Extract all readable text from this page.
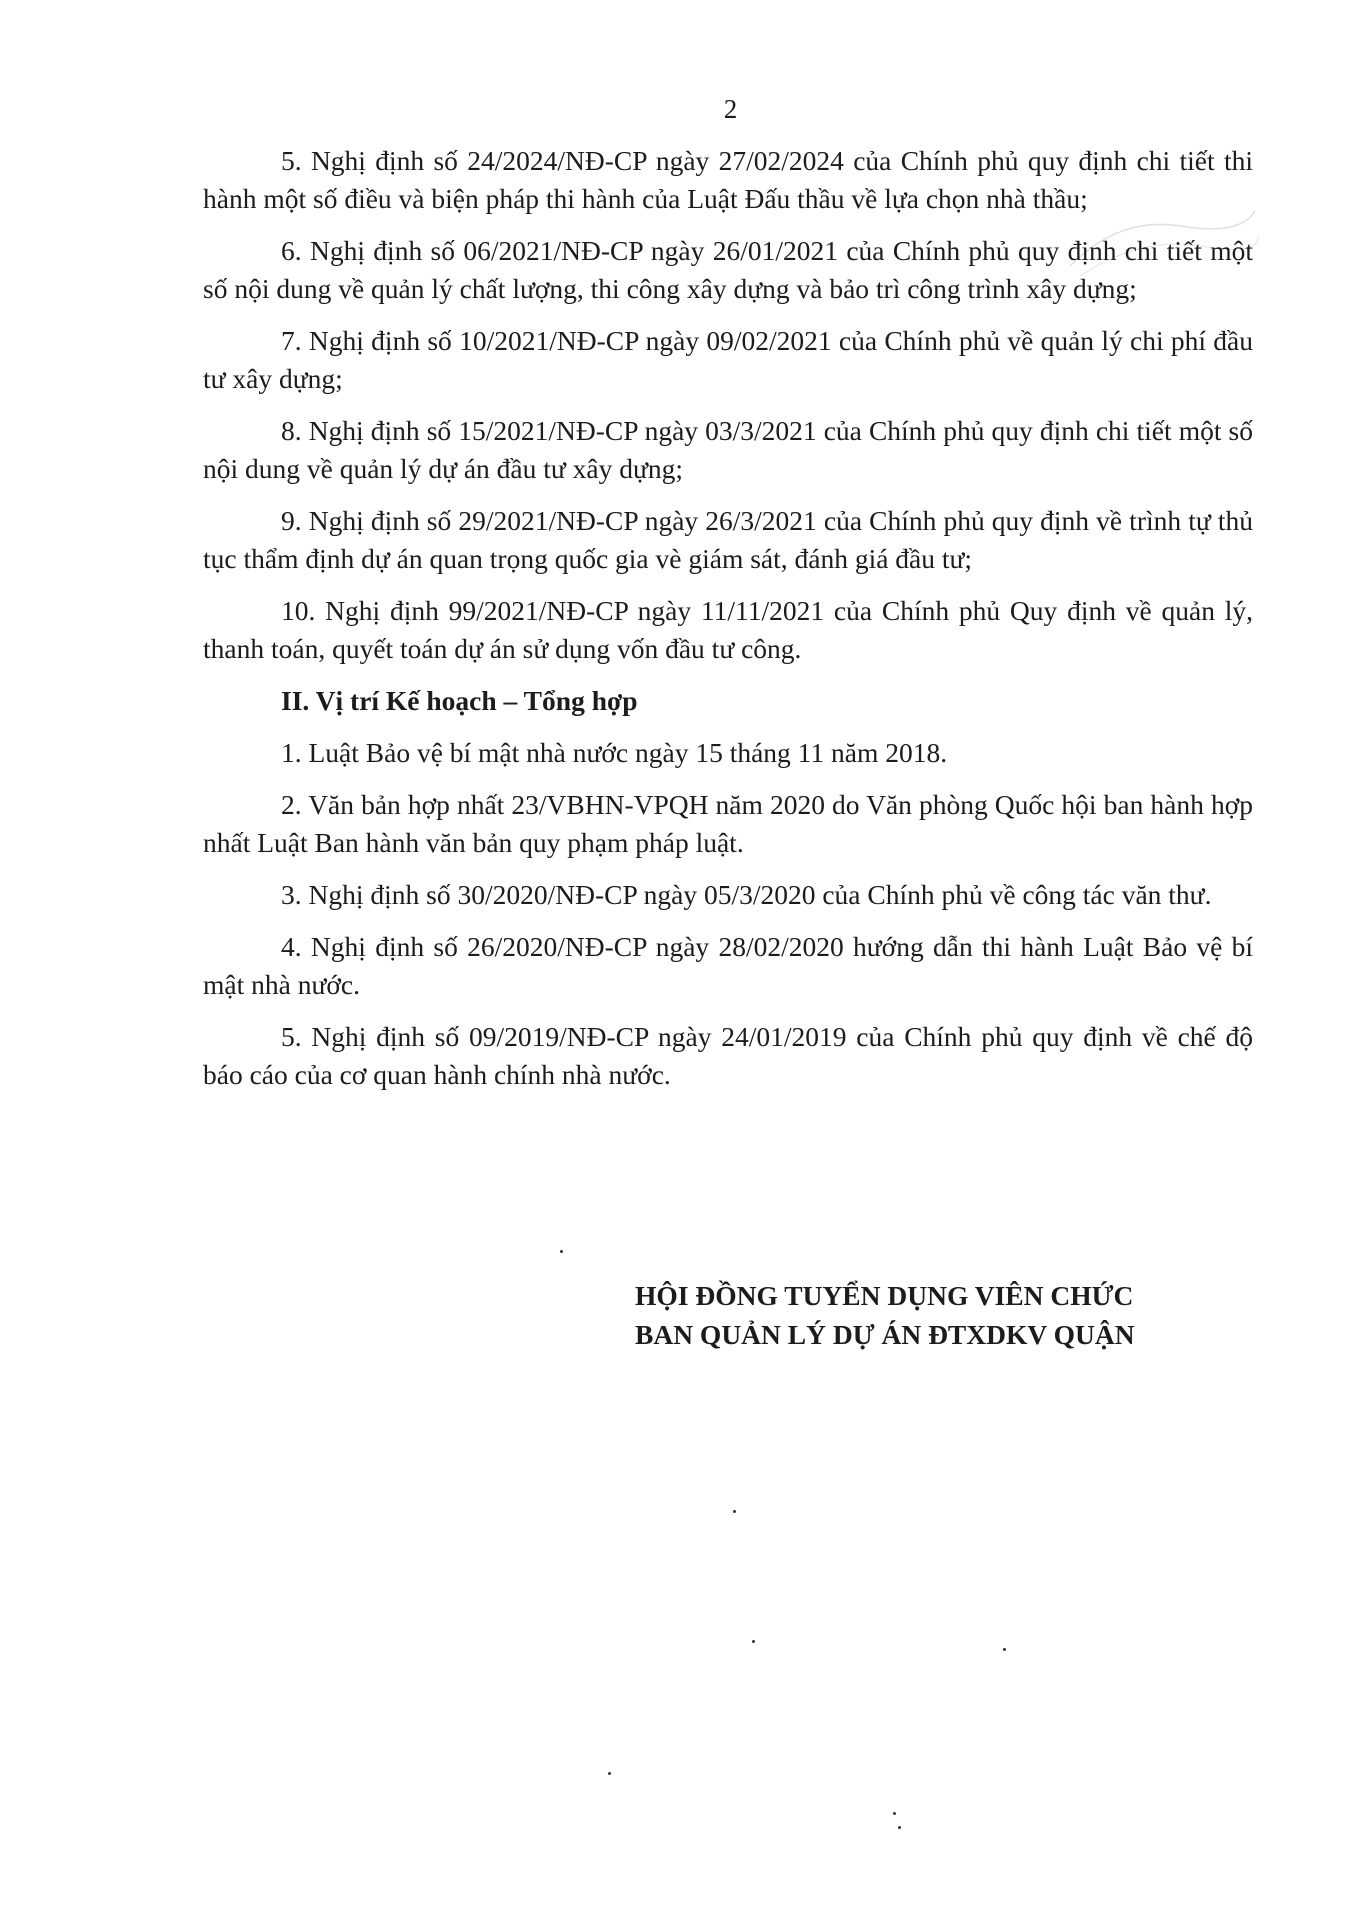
2

5. Nghị định số 24/2024/NĐ-CP ngày 27/02/2024 của Chính phủ quy định chi tiết thi hành một số điều và biện pháp thi hành của Luật Đấu thầu về lựa chọn nhà thầu;

6. Nghị định số 06/2021/NĐ-CP ngày 26/01/2021 của Chính phủ quy định chi tiết một số nội dung về quản lý chất lượng, thi công xây dựng và bảo trì công trình xây dựng;

7. Nghị định số 10/2021/NĐ-CP ngày 09/02/2021 của Chính phủ về quản lý chi phí đầu tư xây dựng;

8. Nghị định số 15/2021/NĐ-CP ngày 03/3/2021 của Chính phủ quy định chi tiết một số nội dung về quản lý dự án đầu tư xây dựng;

9. Nghị định số 29/2021/NĐ-CP ngày 26/3/2021 của Chính phủ quy định về trình tự thủ tục thẩm định dự án quan trọng quốc gia vè giám sát, đánh giá đầu tư;

10. Nghị định 99/2021/NĐ-CP ngày 11/11/2021 của Chính phủ Quy định về quản lý, thanh toán, quyết toán dự án sử dụng vốn đầu tư công.

II. Vị trí Kế hoạch – Tổng hợp

1. Luật Bảo vệ bí mật nhà nước ngày 15 tháng 11 năm 2018.

2. Văn bản hợp nhất 23/VBHN-VPQH năm 2020 do Văn phòng Quốc hội ban hành hợp nhất Luật Ban hành văn bản quy phạm pháp luật.

3. Nghị định số 30/2020/NĐ-CP ngày 05/3/2020 của Chính phủ về công tác văn thư.

4. Nghị định số 26/2020/NĐ-CP ngày 28/02/2020 hướng dẫn thi hành Luật Bảo vệ bí mật nhà nước.

5. Nghị định số 09/2019/NĐ-CP ngày 24/01/2019 của Chính phủ quy định về chế độ báo cáo của cơ quan hành chính nhà nước.

HỘI ĐỒNG TUYỂN DỤNG VIÊN CHỨC
BAN QUẢN LÝ DỰ ÁN ĐTXDKV QUẬN
